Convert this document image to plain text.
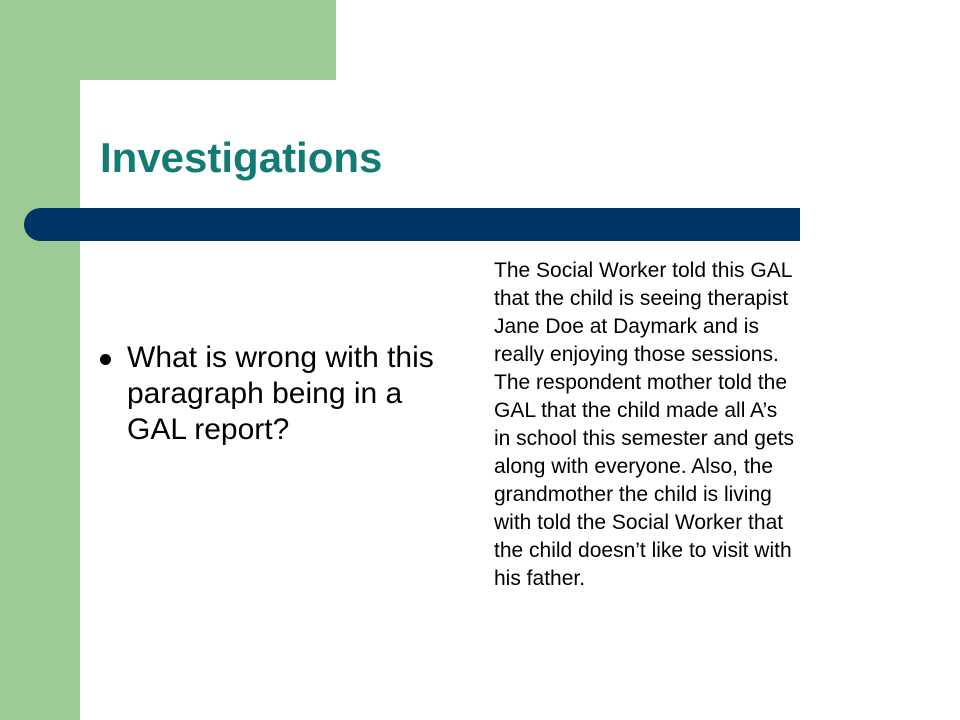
Investigations

What is wrong with this paragraph being in a GAL report?

The Social Worker told this GAL
that the child is seeing therapist
Jane Doe at Daymark and is
really enjoying those sessions.
The respondent mother told the
GAL that the child made all A’s
in school this semester and gets
along with everyone. Also, the
grandmother the child is living
with told the Social Worker that
the child doesn’t like to visit with
his father.
